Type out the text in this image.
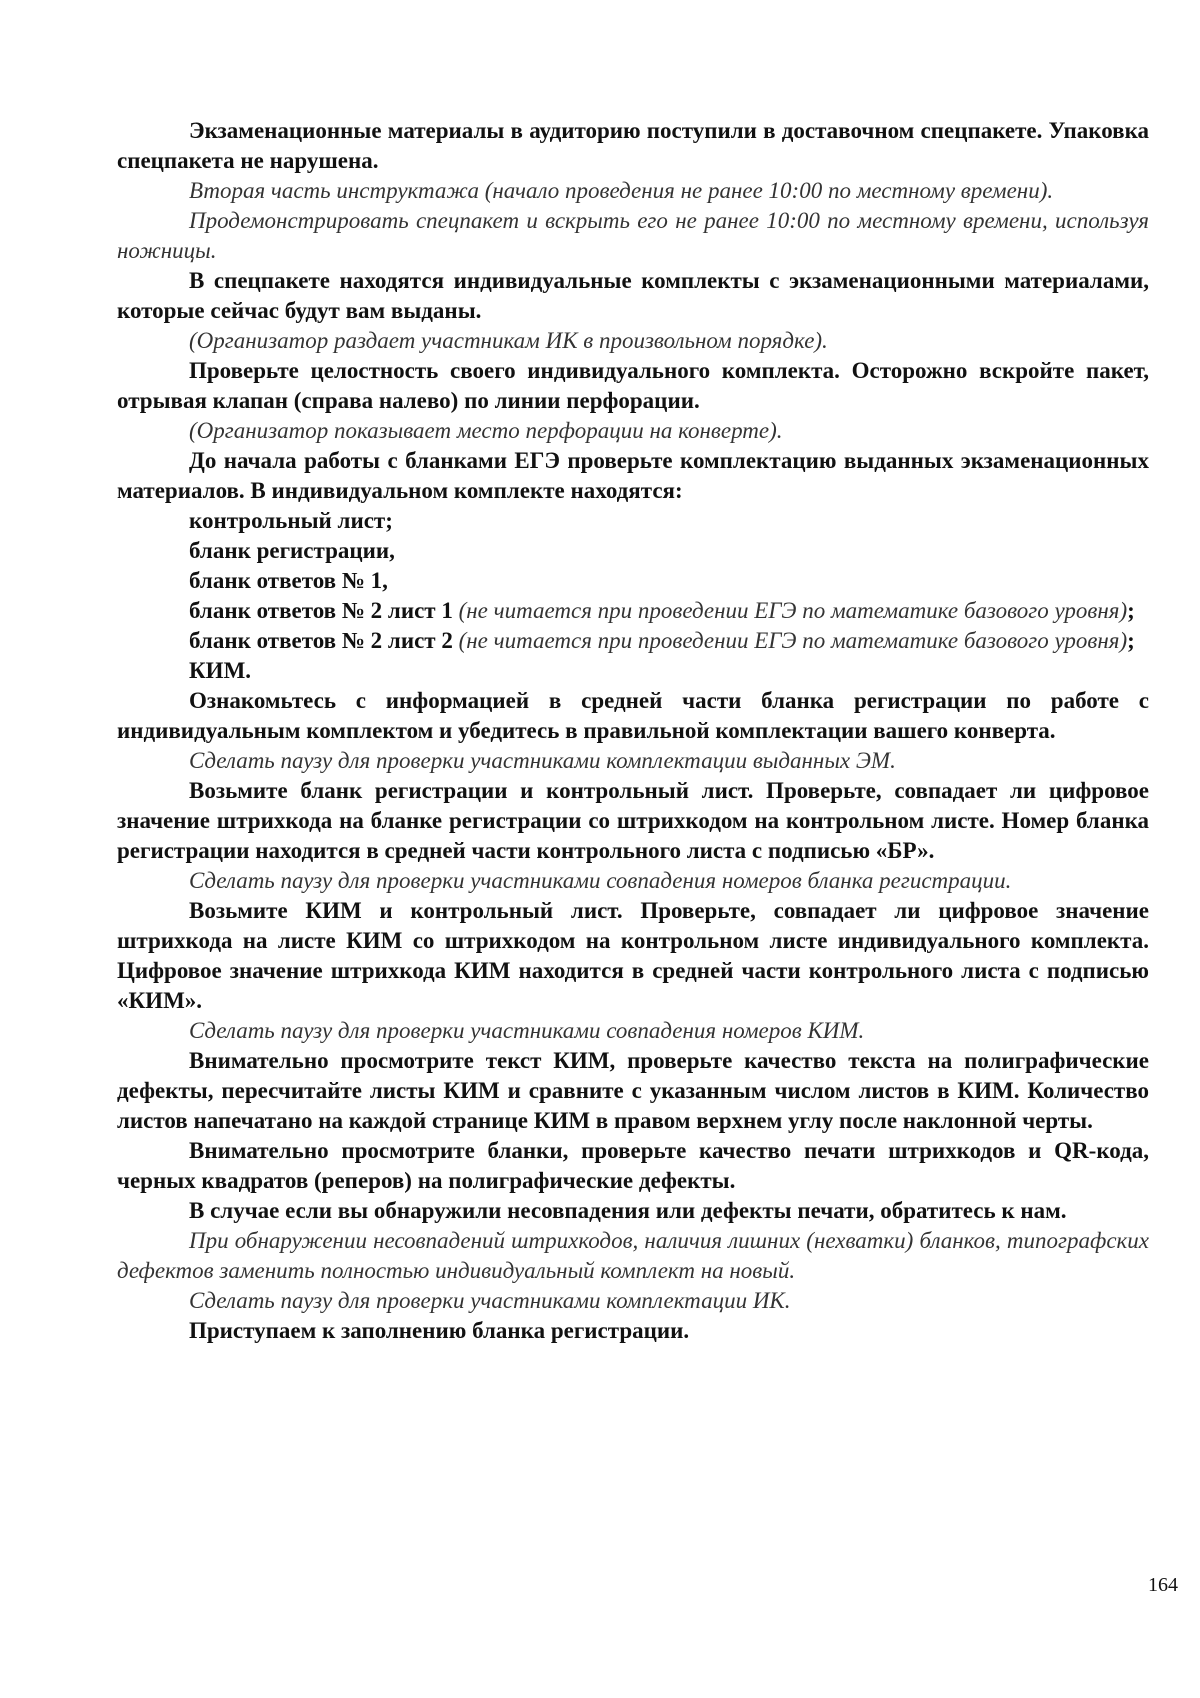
Экзаменационные материалы в аудиторию поступили в доставочном спецпакете. Упаковка спецпакета не нарушена.

Вторая часть инструктажа (начало проведения не ранее 10:00 по местному времени).

Продемонстрировать спецпакет и вскрыть его не ранее 10:00 по местному времени, используя ножницы.

В спецпакете находятся индивидуальные комплекты с экзаменационными материалами, которые сейчас будут вам выданы.

(Организатор раздает участникам ИК в произвольном порядке).

Проверьте целостность своего индивидуального комплекта. Осторожно вскройте пакет, отрывая клапан (справа налево) по линии перфорации.

(Организатор показывает место перфорации на конверте).

До начала работы с бланками ЕГЭ проверьте комплектацию выданных экзаменационных материалов. В индивидуальном комплекте находятся:

контрольный лист;

бланк регистрации,

бланк ответов № 1,

бланк ответов № 2 лист 1 (не читается при проведении ЕГЭ по математике базового уровня);

бланк ответов № 2 лист 2 (не читается при проведении ЕГЭ по математике базового уровня);

КИМ.

Ознакомьтесь с информацией в средней части бланка регистрации по работе с индивидуальным комплектом и убедитесь в правильной комплектации вашего конверта.

Сделать паузу для проверки участниками комплектации выданных ЭМ.

Возьмите бланк регистрации и контрольный лист. Проверьте, совпадает ли цифровое значение штрихкода на бланке регистрации со штрихкодом на контрольном листе. Номер бланка регистрации находится в средней части контрольного листа с подписью «БР».

Сделать паузу для проверки участниками совпадения номеров бланка регистрации.

Возьмите КИМ и контрольный лист. Проверьте, совпадает ли цифровое значение штрихкода на листе КИМ со штрихкодом на контрольном листе индивидуального комплекта. Цифровое значение штрихкода КИМ находится в средней части контрольного листа с подписью «КИМ».

Сделать паузу для проверки участниками совпадения номеров КИМ.

Внимательно просмотрите текст КИМ, проверьте качество текста на полиграфические дефекты, пересчитайте листы КИМ и сравните с указанным числом листов в КИМ. Количество листов напечатано на каждой странице КИМ в правом верхнем углу после наклонной черты.

Внимательно просмотрите бланки, проверьте качество печати штрихкодов и QR-кода, черных квадратов (реперов) на полиграфические дефекты.

В случае если вы обнаружили несовпадения или дефекты печати, обратитесь к нам.

При обнаружении несовпадений штрихкодов, наличия лишних (нехватки) бланков, типографских дефектов заменить полностью индивидуальный комплект на новый.

Сделать паузу для проверки участниками комплектации ИК.

Приступаем к заполнению бланка регистрации.

164
